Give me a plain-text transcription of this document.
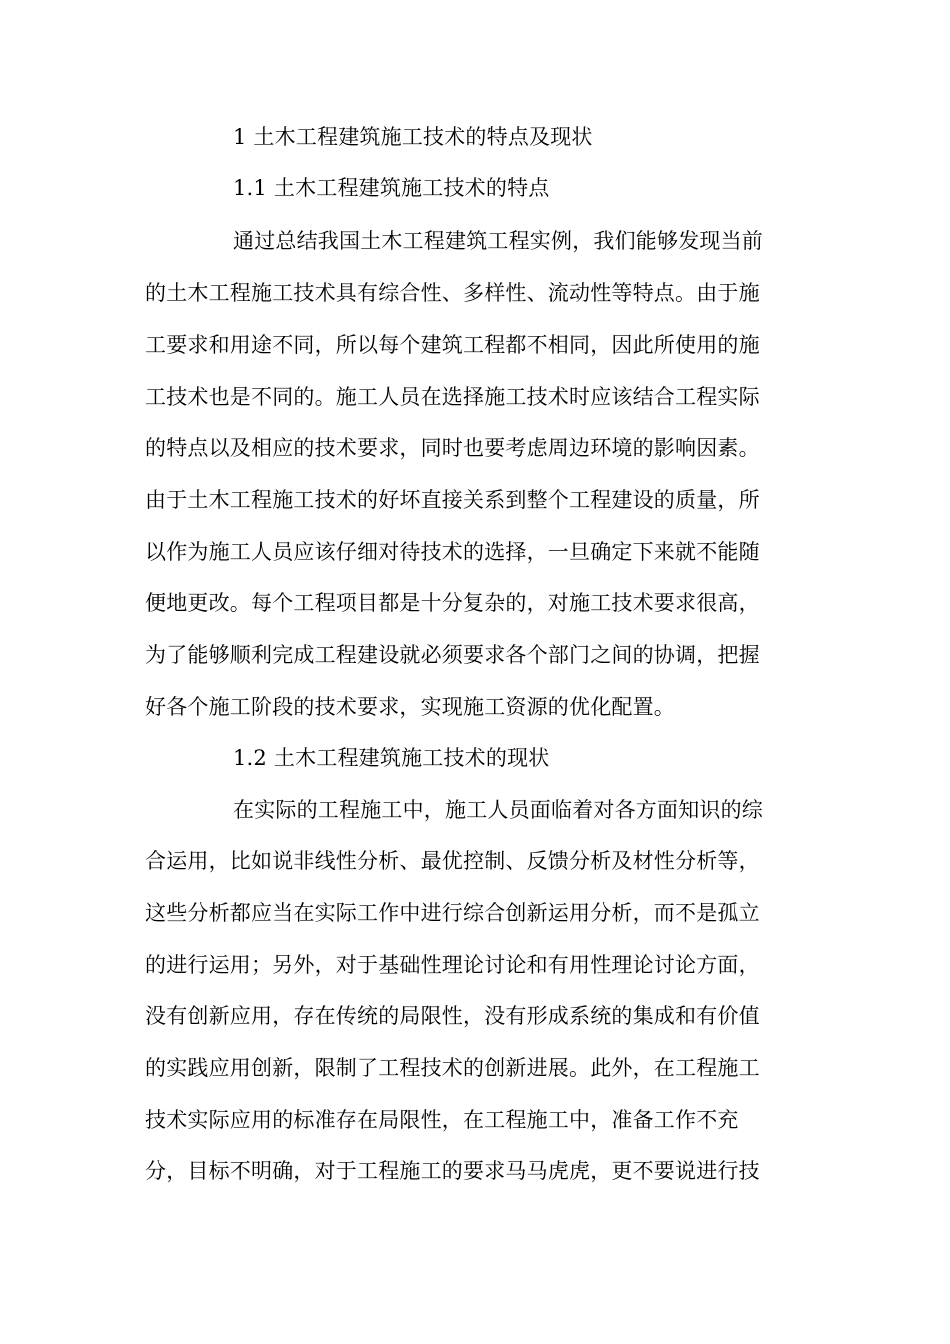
1 土木工程建筑施工技术的特点及现状
1.1 土木工程建筑施工技术的特点
通过总结我国土木工程建筑工程实例，我们能够发现当前
的土木工程施工技术具有综合性、多样性、流动性等特点。由于施
工要求和用途不同，所以每个建筑工程都不相同，因此所使用的施
工技术也是不同的。施工人员在选择施工技术时应该结合工程实际
的特点以及相应的技术要求，同时也要考虑周边环境的影响因素。
由于土木工程施工技术的好坏直接关系到整个工程建设的质量，所
以作为施工人员应该仔细对待技术的选择，一旦确定下来就不能随
便地更改。每个工程项目都是十分复杂的，对施工技术要求很高，
为了能够顺利完成工程建设就必须要求各个部门之间的协调，把握
好各个施工阶段的技术要求，实现施工资源的优化配置。
1.2 土木工程建筑施工技术的现状
在实际的工程施工中，施工人员面临着对各方面知识的综
合运用，比如说非线性分析、最优控制、反馈分析及材性分析等，
这些分析都应当在实际工作中进行综合创新运用分析，而不是孤立
的进行运用；另外，对于基础性理论讨论和有用性理论讨论方面，
没有创新应用，存在传统的局限性，没有形成系统的集成和有价值
的实践应用创新，限制了工程技术的创新进展。此外，在工程施工
技术实际应用的标准存在局限性，在工程施工中，准备工作不充
分，目标不明确，对于工程施工的要求马马虎虎，更不要说进行技
